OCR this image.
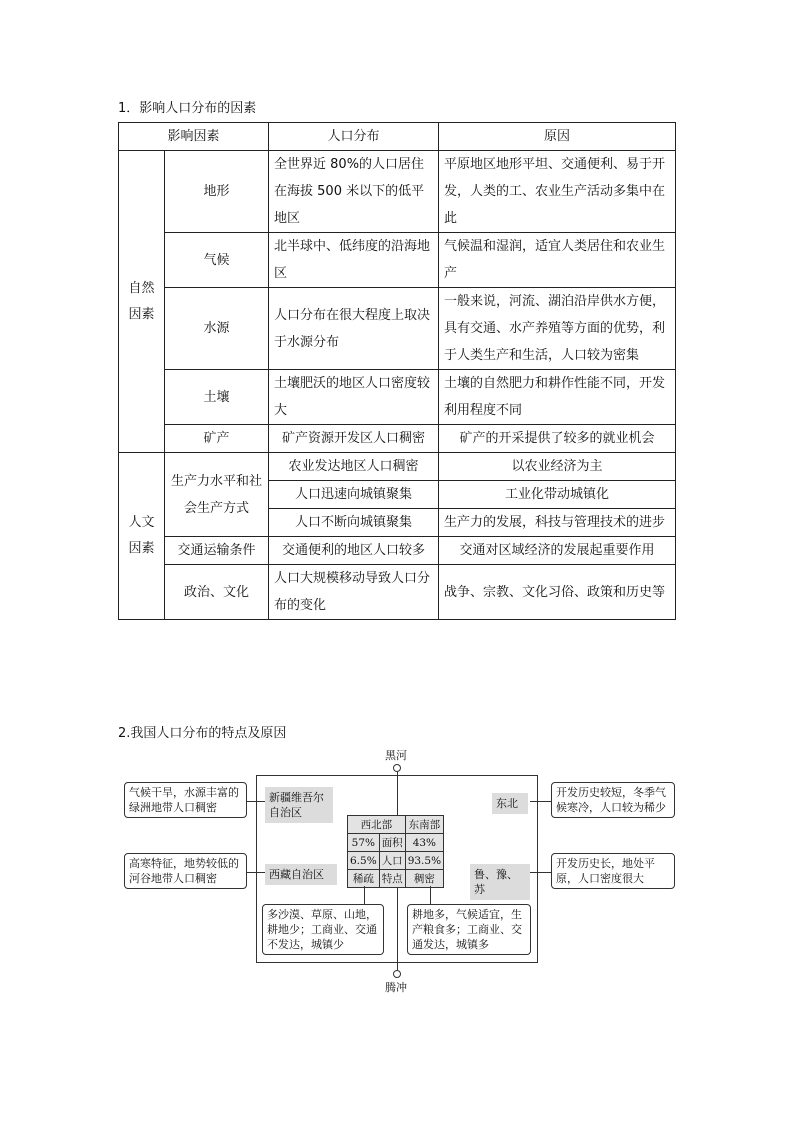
1．影响人口分布的因素
影响因素		人口分布	原因
自然因素	地形	全世界近 80%的人口居住在海拔 500 米以下的低平地区	平原地区地形平坦、交通便利、易于开发，人类的工、农业生产活动多集中在此
	气候	北半球中、低纬度的沿海地区	气候温和湿润，适宜人类居住和农业生产
	水源	人口分布在很大程度上取决于水源分布	一般来说，河流、湖泊沿岸供水方便，具有交通、水产养殖等方面的优势，利于人类生产和生活，人口较为密集
	土壤	土壤肥沃的地区人口密度较大	土壤的自然肥力和耕作性能不同，开发利用程度不同
	矿产	矿产资源开发区人口稠密	矿产的开采提供了较多的就业机会
人文因素	生产力水平和社会生产方式	农业发达地区人口稠密	以农业经济为主
		人口迅速向城镇聚集	工业化带动城镇化
		人口不断向城镇聚集	生产力的发展，科技与管理技术的进步
	交通运输条件	交通便利的地区人口较多	交通对区域经济的发展起重要作用
	政治、文化	人口大规模移动导致人口分布的变化	战争、宗教、文化习俗、政策和历史等
2.我国人口分布的特点及原因
黑河
腾冲
气候干旱，水源丰富的绿洲地带人口稠密
高寒特征，地势较低的河谷地带人口稠密
开发历史较短，冬季气候寒冷，人口较为稀少
开发历史长，地处平原，人口密度很大
新疆维吾尔自治区
西藏自治区
东北
鲁、豫、苏
西北部		东南部
57%	面积	43%
6.5%	人口	93.5%
稀疏	特点	稠密
多沙漠、草原、山地，耕地少；工商业、交通不发达，城镇少
耕地多，气候适宜，生产粮食多；工商业、交通发达，城镇多
